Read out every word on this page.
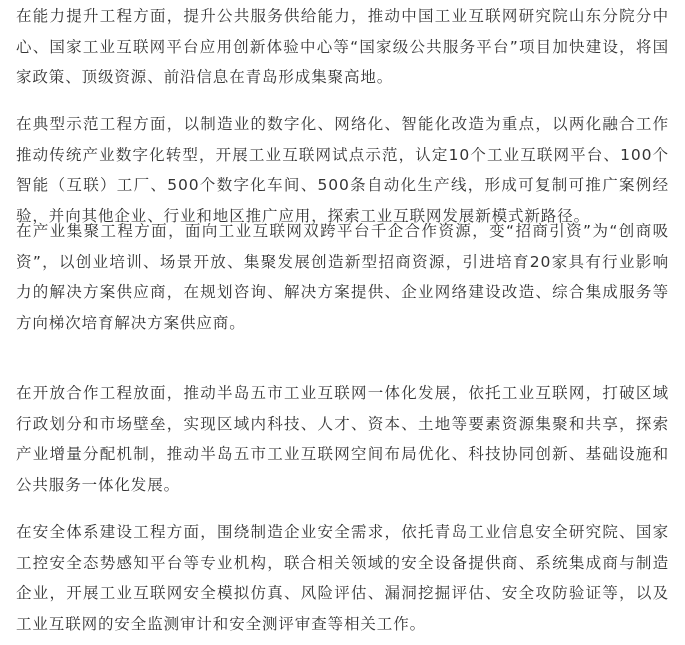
在能力提升工程方面，提升公共服务供给能力，推动中国工业互联网研究院山东分院分中心、国家工业互联网平台应用创新体验中心等“国家级公共服务平台”项目加快建设，将国家政策、顶级资源、前沿信息在青岛形成集聚高地。

在典型示范工程方面，以制造业的数字化、网络化、智能化改造为重点，以两化融合工作推动传统产业数字化转型，开展工业互联网试点示范，认定10个工业互联网平台、100个智能（互联）工厂、500个数字化车间、500条自动化生产线，形成可复制可推广案例经验，并向其他企业、行业和地区推广应用，探索工业互联网发展新模式新路径。

在产业集聚工程方面，面向工业互联网双跨平台千企合作资源，变“招商引资”为“创商吸资”，以创业培训、场景开放、集聚发展创造新型招商资源，引进培育20家具有行业影响力的解决方案供应商，在规划咨询、解决方案提供、企业网络建设改造、综合集成服务等方向梯次培育解决方案供应商。

在开放合作工程放面，推动半岛五市工业互联网一体化发展，依托工业互联网，打破区域行政划分和市场壁垒，实现区域内科技、人才、资本、土地等要素资源集聚和共享，探索产业增量分配机制，推动半岛五市工业互联网空间布局优化、科技协同创新、基础设施和公共服务一体化发展。

在安全体系建设工程方面，围绕制造企业安全需求，依托青岛工业信息安全研究院、国家工控安全态势感知平台等专业机构，联合相关领域的安全设备提供商、系统集成商与制造企业，开展工业互联网安全模拟仿真、风险评估、漏洞挖掘评估、安全攻防验证等，以及工业互联网的安全监测审计和安全测评审查等相关工作。
